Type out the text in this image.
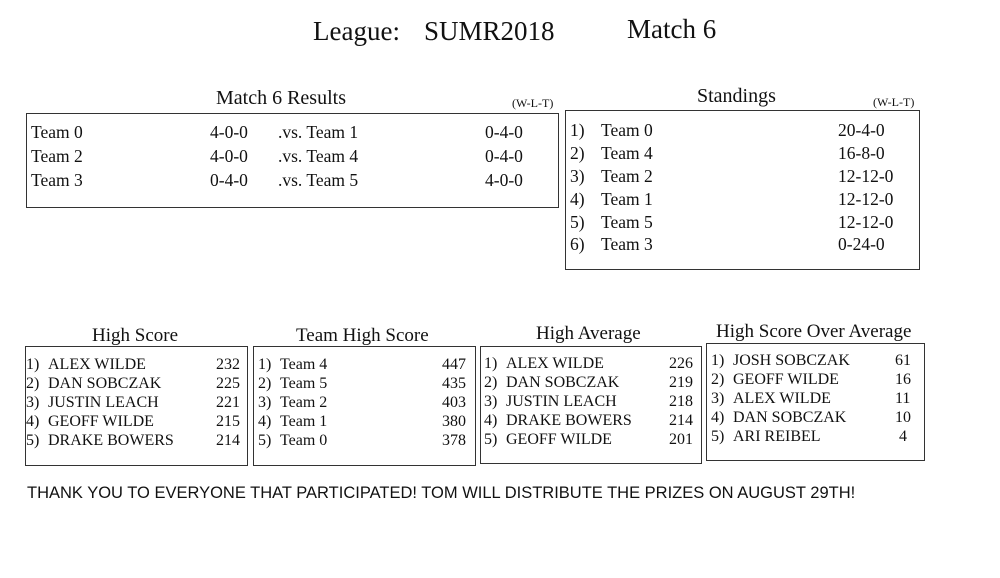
League: SUMR2018	Match 6
Match 6 Results	(W-L-T)
Team 0	4-0-0 .vs. Team 1	0-4-0
Team 2	4-0-0 .vs. Team 4	0-4-0
Team 3	0-4-0 .vs. Team 5	4-0-0
Standings	(W-L-T)
1) Team 0	20-4-0
2) Team 4	16-8-0
3) Team 2	12-12-0
4) Team 1	12-12-0
5) Team 5	12-12-0
6) Team 3	0-24-0
High Score
1) ALEX WILDE	232
2) DAN SOBCZAK	225
3) JUSTIN LEACH	221
4) GEOFF WILDE	215
5) DRAKE BOWERS	214
Team High Score
1) Team 4	447
2) Team 5	435
3) Team 2	403
4) Team 1	380
5) Team 0	378
High Average
1) ALEX WILDE	226
2) DAN SOBCZAK	219
3) JUSTIN LEACH	218
4) DRAKE BOWERS 214
5) GEOFF WILDE	201
High Score Over Average
1) JOSH SOBCZAK	61
2) GEOFF WILDE	16
3) ALEX WILDE	11
4) DAN SOBCZAK	10
5) ARI REIBEL	4
THANK YOU TO EVERYONE THAT PARTICIPATED! TOM WILL DISTRIBUTE THE PRIZES ON AUGUST 29TH!
